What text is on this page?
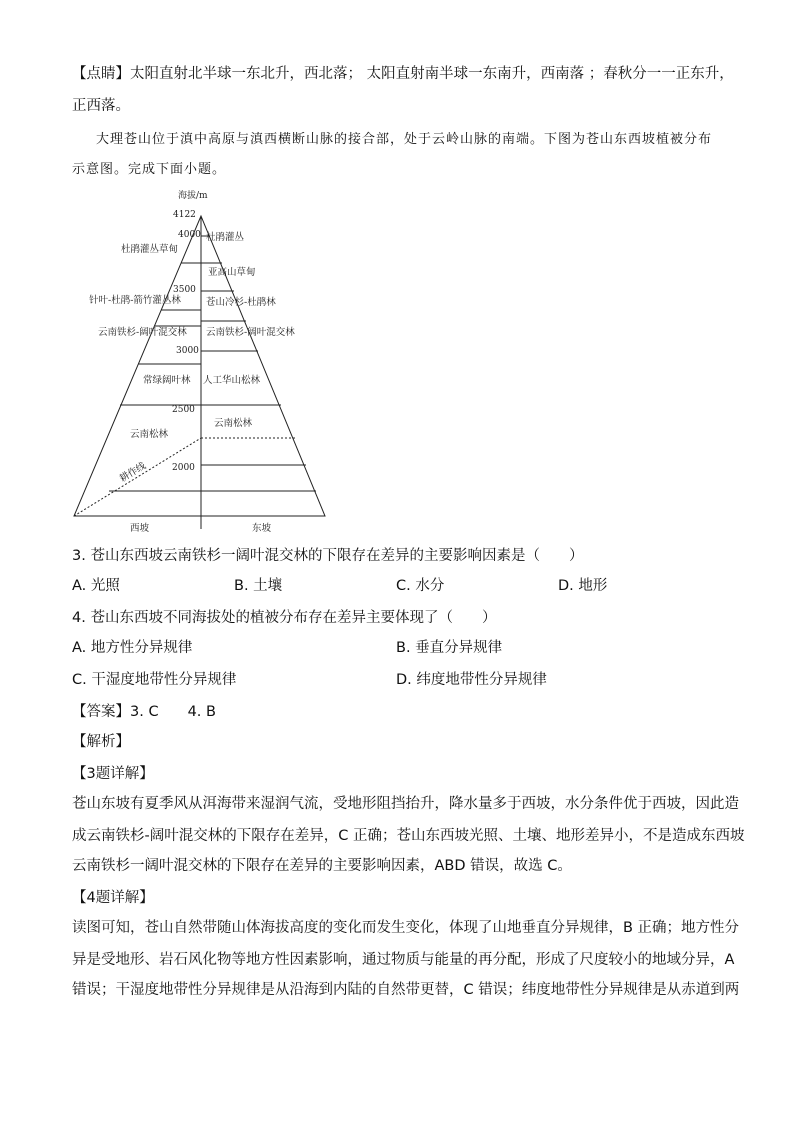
【点睛】太阳直射北半球一东北升，西北落； 太阳直射南半球一东南升，西南落 ；春秋分一一正东升，
正西落。
大理苍山位于滇中高原与滇西横断山脉的接合部，处于云岭山脉的南端。下图为苍山东西坡植被分布
示意图。完成下面小题。
海拔/m
4122
4000
3500
3000
2500
2000
杜鹃灌丛草甸
针叶-杜鹃-箭竹灌丛林
云南铁杉-阔叶混交林
常绿阔叶林
云南松林
耕作线
杜鹃灌丛
亚高山草甸
苍山冷杉-杜鹃林
云南铁杉-阔叶混交林
人工华山松林
云南松林
西坡	东坡
3. 苍山东西坡云南铁杉一阔叶混交林的下限存在差异的主要影响因素是（　　）
A. 光照	B. 土壤	C. 水分	D. 地形
4. 苍山东西坡不同海拔处的植被分布存在差异主要体现了（　　）
A. 地方性分异规律	B. 垂直分异规律
C. 干湿度地带性分异规律	D. 纬度地带性分异规律
【答案】3. C　　4. B
【解析】
【3题详解】
苍山东坡有夏季风从洱海带来湿润气流，受地形阻挡抬升，降水量多于西坡，水分条件优于西坡，因此造
成云南铁杉-阔叶混交林的下限存在差异，C 正确；苍山东西坡光照、土壤、地形差异小，不是造成东西坡
云南铁杉一阔叶混交林的下限存在差异的主要影响因素，ABD 错误，故选 C。
【4题详解】
读图可知，苍山自然带随山体海拔高度的变化而发生变化，体现了山地垂直分异规律，B 正确；地方性分
异是受地形、岩石风化物等地方性因素影响，通过物质与能量的再分配，形成了尺度较小的地域分异，A
错误；干湿度地带性分异规律是从沿海到内陆的自然带更替，C 错误；纬度地带性分异规律是从赤道到两
